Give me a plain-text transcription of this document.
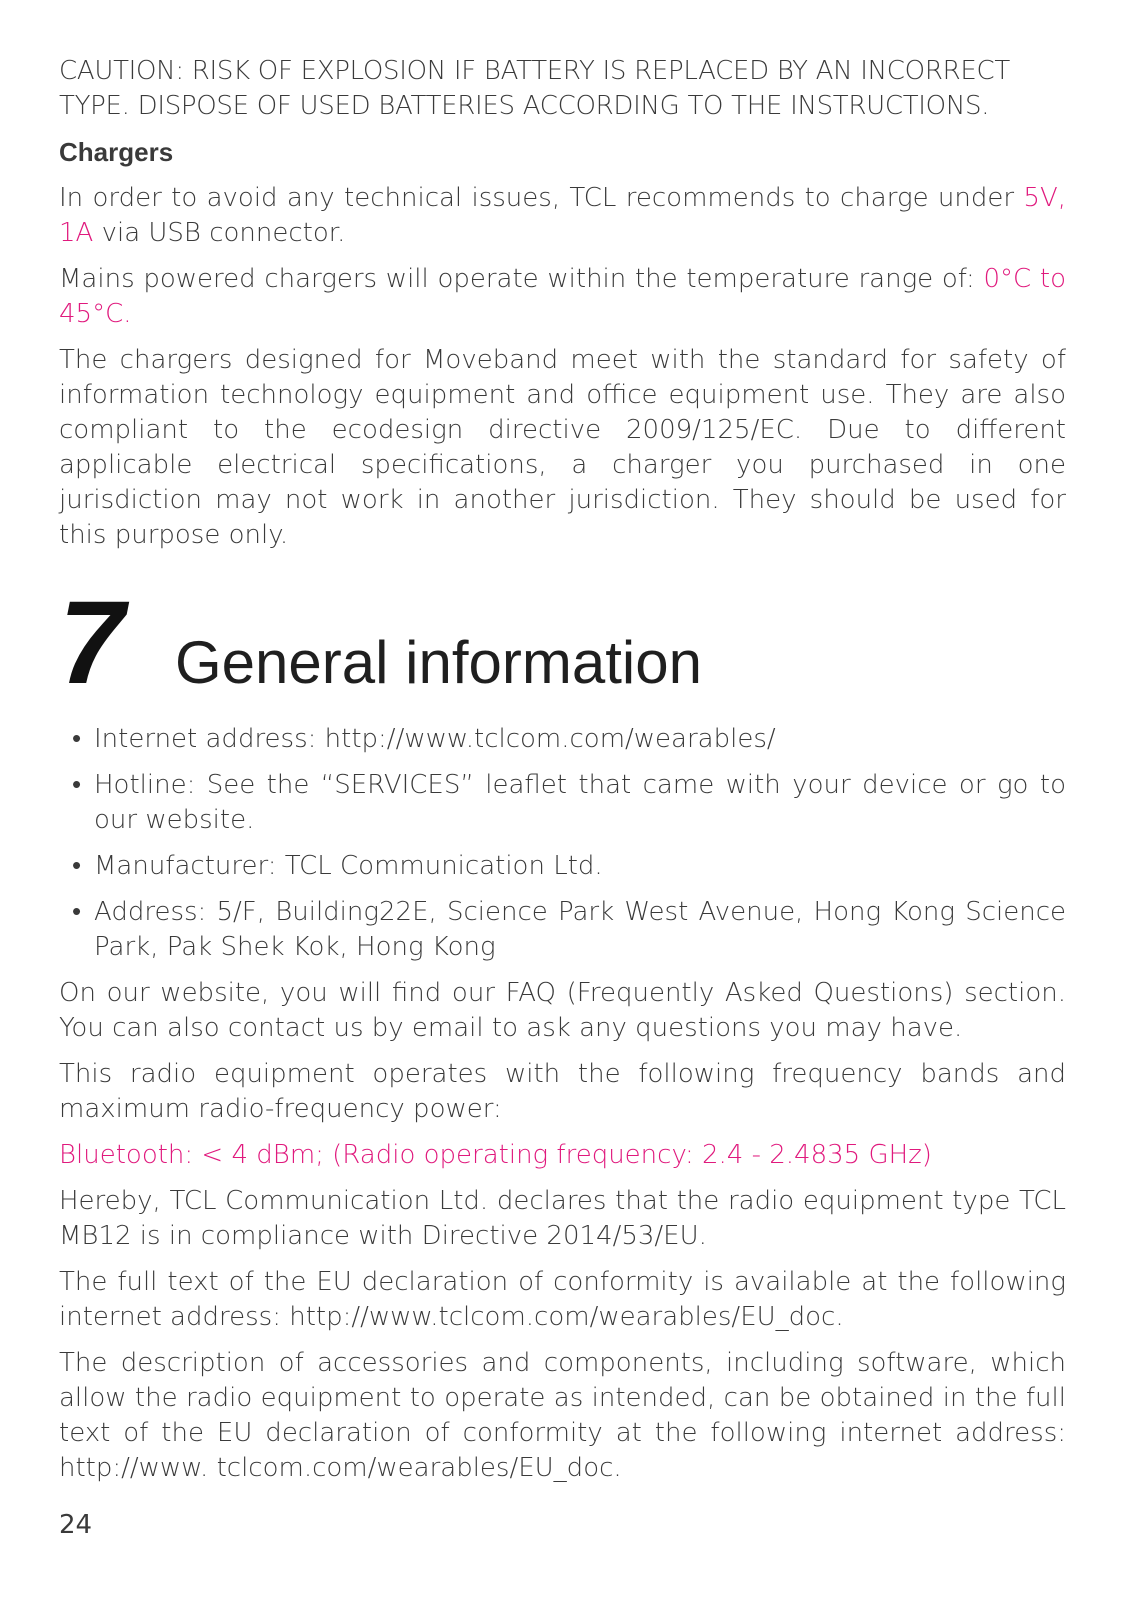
CAUTION: RISK OF EXPLOSION IF BATTERY IS REPLACED BY AN INCORRECT TYPE. DISPOSE OF USED BATTERIES ACCORDING TO THE INSTRUCTIONS.

Chargers

In order to avoid any technical issues, TCL recommends to charge under 5V, 1A via USB connector.

Mains powered chargers will operate within the temperature range of: 0°C to 45°C.

The chargers designed for Moveband meet with the standard for safety of information technology equipment and office equipment use. They are also compliant to the ecodesign directive 2009/125/EC. Due to different applicable electrical specifications, a charger you purchased in one jurisdiction may not work in another jurisdiction. They should be used for this purpose only.

7 General information
• Internet address: http://www.tclcom.com/wearables/
• Hotline: See the “SERVICES” leaflet that came with your device or go to our website.
• Manufacturer: TCL Communication Ltd.
• Address: 5/F, Building22E, Science Park West Avenue, Hong Kong Science Park, Pak Shek Kok, Hong Kong

On our website, you will find our FAQ (Frequently Asked Questions) section. You can also contact us by email to ask any questions you may have.

This radio equipment operates with the following frequency bands and maximum radio-frequency power:

Bluetooth: < 4 dBm; (Radio operating frequency: 2.4 - 2.4835 GHz)

Hereby, TCL Communication Ltd. declares that the radio equipment type TCL MB12 is in compliance with Directive 2014/53/EU.

The full text of the EU declaration of conformity is available at the following internet address: http://www.tclcom.com/wearables/EU_doc.

The description of accessories and components, including software, which allow the radio equipment to operate as intended, can be obtained in the full text of the EU declaration of conformity at the following internet address: http://www. tclcom.com/wearables/EU_doc.

24
